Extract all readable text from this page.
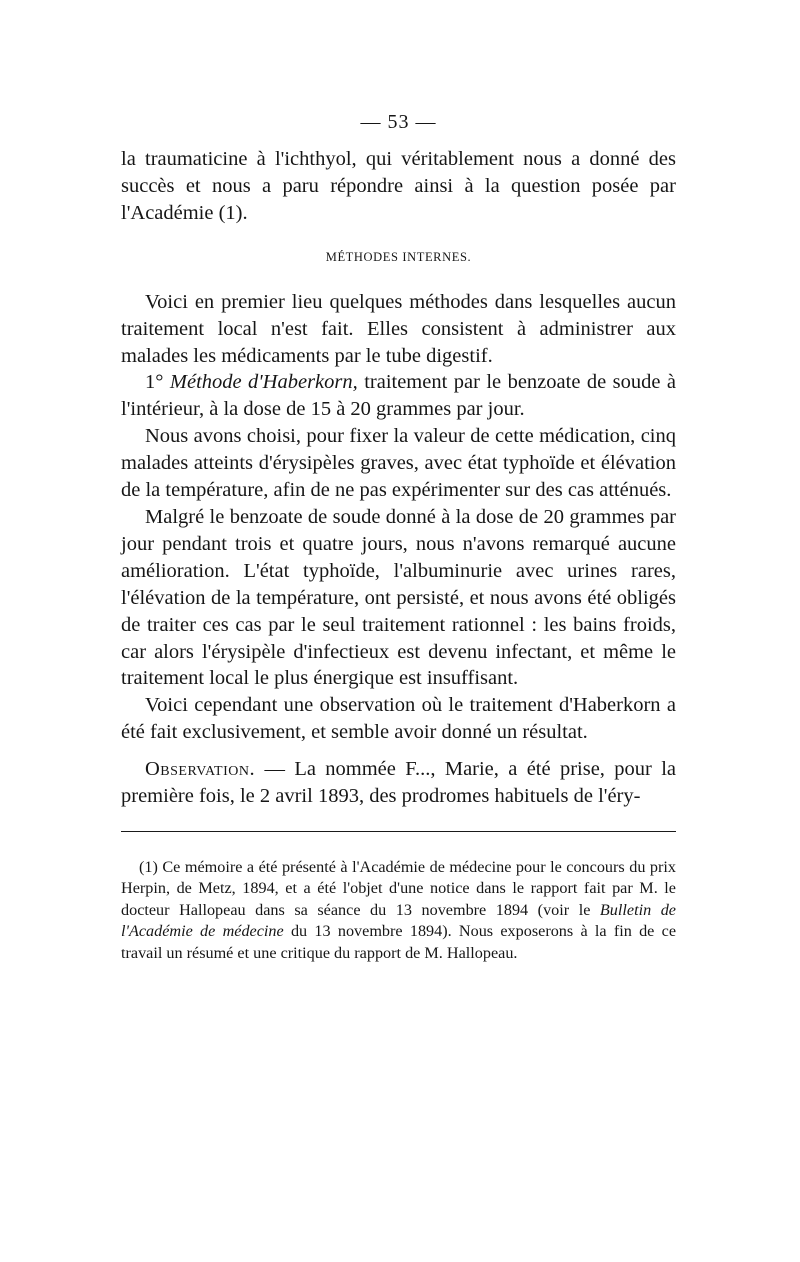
— 53 —

la traumaticine à l'ichthyol, qui véritablement nous a donné des succès et nous a paru répondre ainsi à la question posée par l'Académie (1).

MÉTHODES INTERNES.

Voici en premier lieu quelques méthodes dans lesquelles aucun traitement local n'est fait. Elles consistent à administrer aux malades les médicaments par le tube digestif.

1° Méthode d'Haberkorn, traitement par le benzoate de soude à l'intérieur, à la dose de 15 à 20 grammes par jour.

Nous avons choisi, pour fixer la valeur de cette médication, cinq malades atteints d'érysipèles graves, avec état typhoïde et élévation de la température, afin de ne pas expérimenter sur des cas atténués.

Malgré le benzoate de soude donné à la dose de 20 grammes par jour pendant trois et quatre jours, nous n'avons remarqué aucune amélioration. L'état typhoïde, l'albuminurie avec urines rares, l'élévation de la température, ont persisté, et nous avons été obligés de traiter ces cas par le seul traitement rationnel : les bains froids, car alors l'érysipèle d'infectieux est devenu infectant, et même le traitement local le plus énergique est insuffisant.

Voici cependant une observation où le traitement d'Haberkorn a été fait exclusivement, et semble avoir donné un résultat.

Observation. — La nommée F..., Marie, a été prise, pour la première fois, le 2 avril 1893, des prodromes habituels de l'éry-

(1) Ce mémoire a été présenté à l'Académie de médecine pour le concours du prix Herpin, de Metz, 1894, et a été l'objet d'une notice dans le rapport fait par M. le docteur Hallopeau dans sa séance du 13 novembre 1894 (voir le Bulletin de l'Académie de médecine du 13 novembre 1894). Nous exposerons à la fin de ce travail un résumé et une critique du rapport de M. Hallopeau.
